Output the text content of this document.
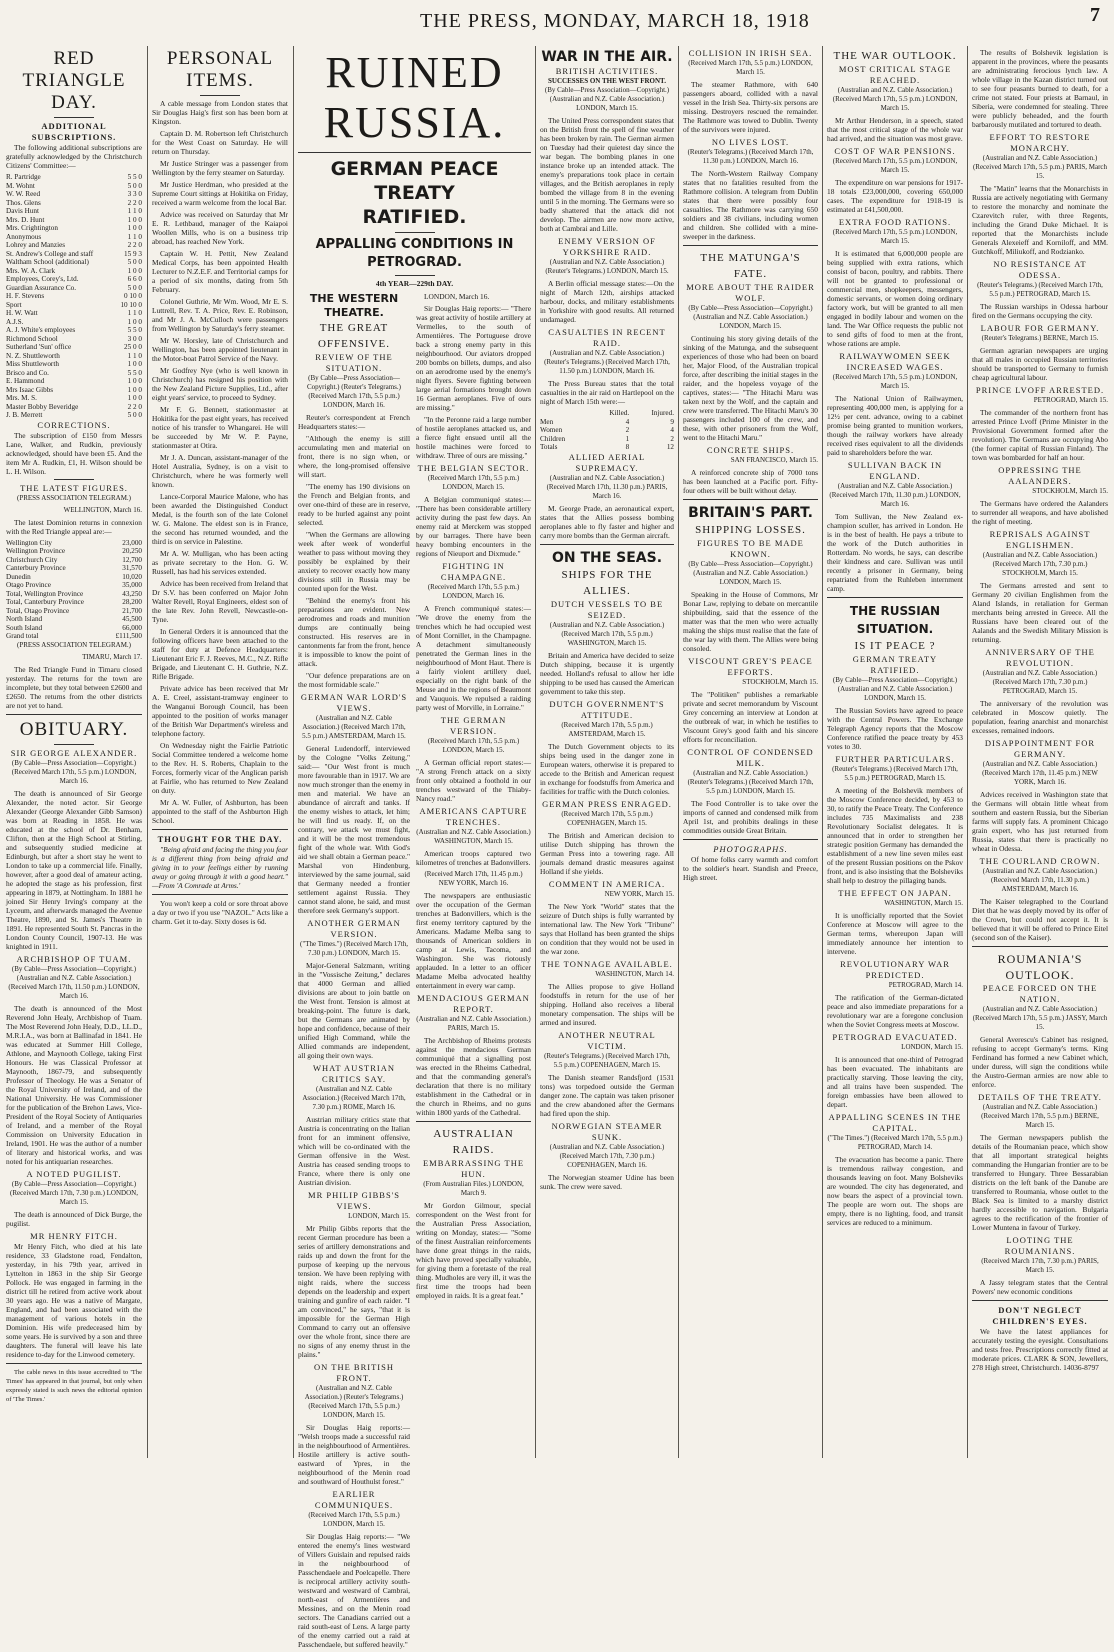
THE PRESS, MONDAY, MARCH 18, 1918	7
RED TRIANGLE DAY.
ADDITIONAL SUBSCRIPTIONS.

The following additional subscriptions are gratefully acknowledged by the Christchurch Citizens' Committee:—

R. Partridge	5 5 0
M. Wohnt	5 0 0
W. W. Reed	3 3 0
Thos. Glens	2 2 0
Davis Hunt	1 1 0
Mrs. D. Hunt	1 0 0
Mrs. Crightington	1 0 0
Anonymous	1 1 0
Lohrey and Manzies	2 2 0
St. Andrew's College and staff	15 9 3
Waltham School (additional)	5 0 0
Mrs. W. A. Clark	1 0 0
Employees, Corey's, Ltd.	6 6 0
Guardian Assurance Co.	5 0 0
H. F. Stevens	0 10 0
Sport	10 10 0
H. W. Watt	1 1 0
A.J.S.	1 0 0
A. J. White's employees	5 5 0
Richmond School	3 0 0
Sutherland 'Sun' office	25 0 0
N. Z. Shuttleworth	1 1 0
Miss Shuttleworth	1 0 0
Brisco and Co.	5 5 0
E. Hammond	1 0 0
Mrs Isaac Gibbs	1 0 0
Mrs. M. S.	1 0 0
Master Bobby Beveridge	2 2 0
J. B. Merrett	5 0 0
CORRECTIONS.

The subscription of £150 from Messrs Lane, Walker, and Rudkin, previously acknowledged, should have been £5. And the item Mr A. Rudkin, £1, H. Wilson should be L. H. Wilson.

THE LATEST FIGURES.

(PRESS ASSOCIATION TELEGRAM.)

WELLINGTON, March 16.

The latest Dominion returns in connexion with the Red Triangle appeal are:—

Wellington City	23,000
Wellington Province	20,250
Christchurch City	12,700
Canterbury Province	31,570
Dunedin	10,020
Otago Province	35,000
Total, Wellington Province	43,250
Total, Canterbury Province	28,200
Total, Otago Province	21,700
North Island	45,500
South Island	66,000
Grand total	£111,500

(PRESS ASSOCIATION TELEGRAM.)

TIMARU, March 17.

The Red Triangle Fund in Timaru closed yesterday. The returns for the town are incomplete, but they total between £2600 and £2650. The returns from the other districts are not yet to hand.

OBITUARY.
SIR GEORGE ALEXANDER.

(By Cable—Press Association—Copyright.) (Received March 17th, 5.5 p.m.) LONDON, March 16.

The death is announced of Sir George Alexander, the noted actor. Sir George Alexander (George Alexander Gibb Samson) was born at Reading in 1858. He was educated at the school of Dr. Benham, Clifton, then at the High School at Stirling, and subsequently studied medicine at Edinburgh, but after a short stay he went to London to take up a commercial life. Finally, however, after a good deal of amateur acting, he adopted the stage as his profession, first appearing in 1879, at Nottingham. In 1881 he joined Sir Henry Irving's company at the Lyceum, and afterwards managed the Avenue Theatre, 1890, and St. James's Theatre in 1891. He represented South St. Pancras in the London County Council, 1907-13. He was knighted in 1911.

ARCHBISHOP OF TUAM.

(By Cable—Press Association—Copyright.) (Australian and N.Z. Cable Association.) (Received March 17th, 11.50 p.m.) LONDON, March 16.

The death is announced of the Most Reverend John Healy, Archbishop of Tuam. The Most Reverend John Healy, D.D., LL.D., M.R.I.A., was born at Ballinafad in 1841. He was educated at Summer Hill College, Athlone, and Maynooth College, taking First Honours. He was Classical Professor at Maynooth, 1867-79, and subsequently Professor of Theology. He was a Senator of the Royal University of Ireland, and of the National University. He was Commissioner for the publication of the Brehon Laws, Vice-President of the Royal Society of Antiquaries of Ireland, and a member of the Royal Commission on University Education in Ireland, 1901. He was the author of a number of literary and historical works, and was noted for his antiquarian researches.

A NOTED PUGILIST.

(By Cable—Press Association—Copyright.) (Received March 17th, 7.30 p.m.) LONDON, March 15.

The death is announced of Dick Burge, the pugilist.

MR HENRY FITCH.

Mr Henry Fitch, who died at his late residence, 33 Gladstone road, Fendalton, yesterday, in his 79th year, arrived in Lyttelton in 1863 in the ship Sir George Pollock. He was engaged in farming in the district till he retired from active work about 30 years ago. He was a native of Margate, England, and had been associated with the management of various hotels in the Dominion. His wife predeceased him by some years. He is survived by a son and three daughters. The funeral will leave his late residence to-day for the Linwood cemetery.

The cable news in this issue accredited to 'The Times' has appeared in that journal, but only when expressly stated is such news the editorial opinion of 'The Times.'

PERSONAL ITEMS.

A cable message from London states that Sir Douglas Haig's first son has been born at Kingston.

Captain D. M. Robertson left Christchurch for the West Coast on Saturday. He will return on Thursday.

Mr Justice Stringer was a passenger from Wellington by the ferry steamer on Saturday.

Mr Justice Herdman, who presided at the Supreme Court sittings at Hokitika on Friday, received a warm welcome from the local Bar.

Advice was received on Saturday that Mr E. R. Lethbaud, manager of the Kaiapoi Woollen Mills, who is on a business trip abroad, has reached New York.

Captain W. H. Pettit, New Zealand Medical Corps, has been appointed Health Lecturer to N.Z.E.F. and Territorial camps for a period of six months, dating from 5th February.

Colonel Guthrie, Mr Wm. Wood, Mr E. S. Luttrell, Rev. T. A. Price, Rev. E. Robinson, and Mr J. A. McCulloch were passengers from Wellington by Saturday's ferry steamer.

Mr W. Horsley, late of Christchurch and Wellington, has been appointed lieutenant in the Motor-boat Patrol Service of the Navy.

Mr Godfrey Nye (who is well known in Christchurch) has resigned his position with the New Zealand Picture Supplies, Ltd., after eight years' service, to proceed to Sydney.

Mr F. G. Bennett, stationmaster at Hokitika for the past eight years, has received notice of his transfer to Whangarei. He will be succeeded by Mr W. P. Payne, stationmaster at Otira.

Mr J. A. Duncan, assistant-manager of the Hotel Australia, Sydney, is on a visit to Christchurch, where he was formerly well known.

Lance-Corporal Maurice Malone, who has been awarded the Distinguished Conduct Medal, is the fourth son of the late Colonel W. G. Malone. The eldest son is in France, the second has returned wounded, and the third is on service in Palestine.

Mr A. W. Mulligan, who has been acting as private secretary to the Hon. G. W. Russell, has had his services extended.

Advice has been received from Ireland that Dr S.V. has been conferred on Major John Walter Revell, Royal Engineers, eldest son of the late Rev. John Revell, Newcastle-on-Tyne.

In General Orders it is announced that the following officers have been attached to the staff for duty at Defence Headquarters: Lieutenant Eric F. J. Reeves, M.C., N.Z. Rifle Brigade, and Lieutenant C. H. Guthrie, N.Z. Rifle Brigade.

Private advice has been received that Mr A. E. Creel, assistant-tramway engineer to the Wanganui Borough Council, has been appointed to the position of works manager of the British War Department's wireless and telephone factory.

On Wednesday night the Fairlie Patriotic Social Committee tendered a welcome home to the Rev. H. S. Roberts, Chaplain to the Forces, formerly vicar of the Anglican parish at Fairlie, who has returned to New Zealand on duty.

Mr A. W. Fuller, of Ashburton, has been appointed to the staff of the Ashburton High School.

THOUGHT FOR THE DAY.

"Being afraid and facing the thing you fear is a different thing from being afraid and giving in to your feelings either by running away or going through it with a good heart." —From 'A Comrade at Arms.'

You won't keep a cold or sore throat above a day or two if you use "NAZOL." Acts like a charm. Get it to-day. Sixty doses is 6d.

RUINED RUSSIA.
GERMAN PEACE TREATY
RATIFIED.
APPALLING CONDITIONS IN PETROGRAD.
4th YEAR—229th DAY.
THE WESTERN THEATRE.
THE GREAT OFFENSIVE.
REVIEW OF THE SITUATION.

(By Cable—Press Association—Copyright.) (Reuter's Telegrams.) (Received March 17th, 5.5 p.m.) LONDON, March 16.

Reuter's correspondent at French Headquarters states:—

"Although the enemy is still accumulating men and material on front, there is no sign when, or where, the long-promised offensive will start.

"The enemy has 190 divisions on the French and Belgian fronts, and over one-third of these are in reserve, ready to be hurled against any point selected.

"When the Germans are allowing week after week of wonderful weather to pass without moving they possibly be explained by their anxiety to recover exactly how many divisions still in Russia may be counted upon for the West.

"Behind the enemy's front his preparations are evident. New aerodromes and roads and munition dumps are continually being constructed. His reserves are in cantonments far from the front, hence it is impossible to know the point of attack.

"Our defence preparations are on the most formidable scale."

GERMAN WAR LORD'S VIEWS.

(Australian and N.Z. Cable Association.) (Received March 17th, 5.5 p.m.) AMSTERDAM, March 15.

General Ludendorff, interviewed by the Cologne "Volks Zeitung," said:— "Our West front is much more favourable than in 1917. We are now much stronger than the enemy in men and material. We have an abundance of aircraft and tanks. If the enemy wishes to attack, let him; he will find us ready. If, on the contrary, we attack we must fight, and it will be the most tremendous fight of the whole war. With God's aid we shall obtain a German peace." Marshal von Hindenburg, interviewed by the same journal, said that Germany needed a frontier settlement against Russia. They cannot stand alone, he said, and must therefore seek Germany's support.

ANOTHER GERMAN VERSION.

("The Times.") (Received March 17th, 7.30 p.m.) LONDON, March 15.

Major-General Salzmann, writing in the "Vossische Zeitung," declares that 4000 German and allied divisions are about to join battle on the West front. Tension is almost at breaking-point. The future is dark, but the Germans are animated by hope and confidence, because of their unified High Command, while the Allied commands are independent, all going their own ways.

WHAT AUSTRIAN CRITICS SAY.

(Australian and N.Z. Cable Association.) (Received March 17th, 7.30 p.m.) ROME, March 16.

Austrian military critics state that Austria is concentrating on the Italian front for an imminent offensive, which will be co-ordinated with the German offensive in the West. Austria has ceased sending troops to France, where there is only one Austrian division.

MR PHILIP GIBBS'S VIEWS.

LONDON, March 15.

Mr Philip Gibbs reports that the recent German procedure has been a series of artillery demonstrations and raids up and down the front for the purpose of keeping up the nervous tension. We have been replying with night raids, where the success depends on the leadership and expert training and gunfire of each raider. "I am convinced," he says, "that it is impossible for the German High Command to carry out an offensive over the whole front, since there are no signs of any enemy thrust in the plains."

ON THE BRITISH FRONT.

(Australian and N.Z. Cable Association.) (Reuter's Telegrams.) (Received March 17th, 5.5 p.m.) LONDON, March 15.

Sir Douglas Haig reports:— "Welsh troops made a successful raid in the neighbourhood of Armentières. Hostile artillery is active south-eastward of Ypres, in the neighbourhood of the Menin road and southward of Houthulst forest."

EARLIER COMMUNIQUES.

(Received March 17th, 5.5 p.m.) LONDON, March 15.

Sir Douglas Haig reports:— "We entered the enemy's lines westward of Villers Guislain and repulsed raids in the neighbourhood of Passchendaele and Poelcapelle. There is reciprocal artillery activity south-westward and westward of Cambrai, north-east of Armentières and Messines, and on the Menin road sectors. The Canadians carried out a raid south-east of Lens. A large party of the enemy carried out a raid at Passchendaele, but suffered heavily."

LONDON, March 16.

Sir Douglas Haig reports:— "There was great activity of hostile artillery at Vermelles, to the south of Armentières. The Portuguese drove back a strong enemy party in this neighbourhood. Our aviators dropped 200 bombs on billets, dumps, and also on an aerodrome used by the enemy's night flyers. Severe fighting between large aerial formations brought down 16 German aeroplanes. Five of ours are missing."

"In the Peronne raid a large number of hostile aeroplanes attacked us, and a fierce fight ensued until all the hostile machines were forced to withdraw. Three of ours are missing."

THE BELGIAN SECTOR.

(Received March 17th, 5.5 p.m.) LONDON, March 15.

A Belgian communiqué states:— "There has been considerable artillery activity during the past few days. An enemy raid at Merckem was stopped by our barrages. There have been heavy bombing encounters in the regions of Nieuport and Dixmude."

FIGHTING IN CHAMPAGNE.

(Received March 17th, 5.5 p.m.) LONDON, March 16.

A French communiqué states:— "We drove the enemy from the trenches which he had occupied west of Mont Cornillet, in the Champagne. A detachment simultaneously penetrated the German lines in the neighbourhood of Mont Haut. There is a fairly violent artillery duel, especially on the right bank of the Meuse and in the regions of Beaumont and Vauquois. We repulsed a raiding party west of Morville, in Lorraine."

THE GERMAN VERSION.

(Received March 17th, 5.5 p.m.) LONDON, March 15.

A German official report states:— "A strong French attack on a sixty front only obtained a foothold in our trenches westward of the Thiaby-Nancy road."

AMERICANS CAPTURE TRENCHES.

(Australian and N.Z. Cable Association.) WASHINGTON, March 15.

American troops captured two kilometres of trenches at Badonvillers.

(Received March 17th, 11.45 p.m.) NEW YORK, March 16.

The newspapers are enthusiastic over the occupation of the German trenches at Badonvillers, which is the first enemy territory captured by the Americans. Madame Melba sang to thousands of American soldiers in camp at Lewis, Tacoma, and Washington. She was riotously applauded. In a letter to an officer Madame Melba advocated healthy entertainment in every war camp.

MENDACIOUS GERMAN REPORT.

(Australian and N.Z. Cable Association.) PARIS, March 15.

The Archbishop of Rheims protests against the mendacious German communiqué that a signalling post was erected in the Rheims Cathedral, and that the commanding general's declaration that there is no military establishment in the Cathedral or in the church in Rheims, and no guns within 1800 yards of the Cathedral.

AUSTRALIAN RAIDS.
EMBARRASSING THE HUN.

(From Australian Files.) LONDON, March 9.

Mr Gordon Gilmour, special correspondent on the West front for the Australian Press Association, writing on Monday, states:— "Some of the finest Australian reinforcements have done great things in the raids, which have proved specially valuable, for giving them a foretaste of the real thing. Mudholes are very ill, it was the first time the troops had been employed in raids. It is a great feat."

WAR IN THE AIR.
BRITISH ACTIVITIES.
SUCCESSES ON THE WEST FRONT.

(By Cable—Press Association—Copyright.) (Australian and N.Z. Cable Association.) LONDON, March 15.

The United Press correspondent states that on the British front the spell of fine weather has been broken by rain. The German airmen on Tuesday had their quietest day since the war began. The bombing planes in one instance broke up an intended attack. The enemy's preparations took place in certain villages, and the British aeroplanes in reply bombed the village from 8 in the evening until 5 in the morning. The Germans were so badly shattered that the attack did not develop. The airmen are now more active, both at Cambrai and Lille.

ENEMY VERSION OF YORKSHIRE RAID.

(Australian and N.Z. Cable Association.) (Reuter's Telegrams.) LONDON, March 15.

A Berlin official message states:—On the night of March 12th, airships attacked harbour, docks, and military establishments in Yorkshire with good results. All returned undamaged.

CASUALTIES IN RECENT RAID.

(Australian and N.Z. Cable Association.) (Reuter's Telegrams.) (Received March 17th, 11.50 p.m.) LONDON, March 16.

The Press Bureau states that the total casualties in the air raid on Hartlepool on the night of March 15th were:—

	Killed.	Injured.
Men	4	9
Women	2	4
Children	1	2
Totals	8	12
ALLIED AERIAL SUPREMACY.

(Australian and N.Z. Cable Association.) (Received March 17th, 11.30 p.m.) PARIS, March 16.

M. George Prade, an aeronautical expert, states that the Allies possess bombing aeroplanes able to fly faster and higher and carry more bombs than the German aircraft.

ON THE SEAS.
SHIPS FOR THE ALLIES.
DUTCH VESSELS TO BE SEIZED.

(Australian and N.Z. Cable Association.) (Received March 17th, 5.5 p.m.) WASHINGTON, March 15.

Britain and America have decided to seize Dutch shipping, because it is urgently needed. Holland's refusal to allow her idle shipping to be used has caused the American government to take this step.

DUTCH GOVERNMENT'S ATTITUDE.

(Received March 17th, 5.5 p.m.) AMSTERDAM, March 15.

The Dutch Government objects to its ships being used in the danger zone in European waters, otherwise it is prepared to accede to the British and American request in exchange for foodstuffs from America and facilities for traffic with the Dutch colonies.

GERMAN PRESS ENRAGED.

(Received March 17th, 5.5 p.m.) COPENHAGEN, March 15.

The British and American decision to utilise Dutch shipping has thrown the German Press into a towering rage. All journals demand drastic measures against Holland if she yields.

COMMENT IN AMERICA.

NEW YORK, March 15.

The New York "World" states that the seizure of Dutch ships is fully warranted by international law. The New York "Tribune" says that Holland has been granted the ships on condition that they would not be used in the war zone.

THE TONNAGE AVAILABLE.

WASHINGTON, March 14.

The Allies propose to give Holland foodstuffs in return for the use of her shipping. Holland also receives a liberal monetary compensation. The ships will be armed and insured.

ANOTHER NEUTRAL VICTIM.

(Reuter's Telegrams.) (Received March 17th, 5.5 p.m.) COPENHAGEN, March 15.

The Danish steamer Randsfjord (1531 tons) was torpedoed outside the German danger zone. The captain was taken prisoner and the crew abandoned after the Germans had fired upon the ship.

NORWEGIAN STEAMER SUNK.

(Australian and N.Z. Cable Association.) (Received March 17th, 7.30 p.m.) COPENHAGEN, March 16.

The Norwegian steamer Udine has been sunk. The crew were saved.

COLLISION IN IRISH SEA.

(Received March 17th, 5.5 p.m.) LONDON, March 15.

The steamer Rathmore, with 640 passengers aboard, collided with a naval vessel in the Irish Sea. Thirty-six persons are missing. Destroyers rescued the remainder. The Rathmore was towed to Dublin. Twenty of the survivors were injured.

NO LIVES LOST.

(Reuter's Telegrams.) (Received March 17th, 11.30 p.m.) LONDON, March 16.

The North-Western Railway Company states that no fatalities resulted from the Rathmore collision. A telegram from Dublin states that there were possibly four casualties. The Rathmore was carrying 650 soldiers and 38 civilians, including women and children. She collided with a mine-sweeper in the darkness.

THE MATUNGA'S FATE.
MORE ABOUT THE RAIDER WOLF.

(By Cable—Press Association—Copyright.) (Australian and N.Z. Cable Association.) LONDON, March 15.

Continuing his story giving details of the sinking of the Matunga, and the subsequent experiences of those who had been on board her, Major Flood, of the Australian tropical force, after describing the initial stages in the raider, and the hopeless voyage of the captives, states:— "The Hitachi Maru was taken next by the Wolf, and the captain and crew were transferred. The Hitachi Maru's 30 passengers included 100 of the crew, and these, with other prisoners from the Wolf, went to the Hitachi Maru."

CONCRETE SHIPS.

SAN FRANCISCO, March 15.

A reinforced concrete ship of 7000 tons has been launched at a Pacific port. Fifty-four others will be built without delay.

BRITAIN'S PART.
SHIPPING LOSSES.
FIGURES TO BE MADE KNOWN.

(By Cable—Press Association—Copyright.) (Australian and N.Z. Cable Association.) LONDON, March 15.

Speaking in the House of Commons, Mr Bonar Law, replying to debate on mercantile shipbuilding, said that the essence of the matter was that the men who were actually making the ships must realise that the fate of the war lay with them. The Allies were being consoled.

VISCOUNT GREY'S PEACE EFFORTS.

STOCKHOLM, March 15.

The "Politiken" publishes a remarkable private and secret memorandum by Viscount Grey concerning an interview at London at the outbreak of war, in which he testifies to Viscount Grey's good faith and his sincere efforts for reconciliation.

CONTROL OF CONDENSED MILK.

(Australian and N.Z. Cable Association.) (Reuter's Telegrams.) (Received March 17th, 5.5 p.m.) LONDON, March 15.

The Food Controller is to take over the imports of canned and condensed milk from April 1st, and prohibits dealings in these commodities outside Great Britain.

PHOTOGRAPHS.

Of home folks carry warmth and comfort to the soldier's heart. Standish and Preece, High street.

THE WAR OUTLOOK.
MOST CRITICAL STAGE REACHED.

(Australian and N.Z. Cable Association.) (Received March 17th, 5.5 p.m.) LONDON, March 15.

Mr Arthur Henderson, in a speech, stated that the most critical stage of the whole war had arrived, and the situation was most grave.

COST OF WAR PENSIONS.

(Received March 17th, 5.5 p.m.) LONDON, March 15.

The expenditure on war pensions for 1917-18 totals £23,000,000, covering 650,000 cases. The expenditure for 1918-19 is estimated at £41,500,000.

EXTRA FOOD RATIONS.

(Received March 17th, 5.5 p.m.) LONDON, March 15.

It is estimated that 6,000,000 people are being supplied with extra rations, which consist of bacon, poultry, and rabbits. There will not be granted to professional or commercial men, shopkeepers, messengers, domestic servants, or women doing ordinary factory work, but will be granted to all men engaged in bodily labour and women on the land. The War Office requests the public not to send gifts of food to men at the front, whose rations are ample.

RAILWAYWOMEN SEEK INCREASED WAGES.

(Received March 17th, 5.5 p.m.) LONDON, March 15.

The National Union of Railwaymen, representing 400,000 men, is applying for a 12½ per cent. advance, owing to a cabinet promise being granted to munition workers, though the railway workers have already received rises equivalent to all the dividends paid to shareholders before the war.

SULLIVAN BACK IN ENGLAND.

(Australian and N.Z. Cable Association.) (Received March 17th, 11.30 p.m.) LONDON, March 16.

Tom Sullivan, the New Zealand ex-champion sculler, has arrived in London. He is in the best of health. He pays a tribute to the work of the Dutch authorities in Rotterdam. No words, he says, can describe their kindness and care. Sullivan was until recently a prisoner in Germany, being repatriated from the Ruhleben internment camp.

THE RUSSIAN SITUATION.
IS IT PEACE ?
GERMAN TREATY RATIFIED.

(By Cable—Press Association—Copyright.) (Australian and N.Z. Cable Association.) LONDON, March 15.

The Russian Soviets have agreed to peace with the Central Powers. The Exchange Telegraph Agency reports that the Moscow Conference ratified the peace treaty by 453 votes to 30.

FURTHER PARTICULARS.

(Reuter's Telegrams.) (Received March 17th, 5.5 p.m.) PETROGRAD, March 15.

A meeting of the Bolshevik members of the Moscow Conference decided, by 453 to 30, to ratify the Peace Treaty. The Conference includes 735 Maximalists and 238 Revolutionary Socialist delegates. It is announced that in order to strengthen her strategic position Germany has demanded the establishment of a new line seven miles east of the present Russian positions on the Pskov front, and is also insisting that the Bolsheviks shall help to destroy the pillaging bands.

THE EFFECT ON JAPAN.

WASHINGTON, March 15.

It is unofficially reported that the Soviet Conference at Moscow will agree to the German terms, whereupon Japan will immediately announce her intention to intervene.

REVOLUTIONARY WAR PREDICTED.

PETROGRAD, March 14.

The ratification of the German-dictated peace and also immediate preparations for a revolutionary war are a foregone conclusion when the Soviet Congress meets at Moscow.

PETROGRAD EVACUATED.

LONDON, March 15.

It is announced that one-third of Petrograd has been evacuated. The inhabitants are practically starving. Those leaving the city, and all trains have been suspended. The foreign embassies have been allowed to depart.

APPALLING SCENES IN THE CAPITAL.

("The Times.") (Received March 17th, 5.5 p.m.) PETROGRAD, March 14.

The evacuation has become a panic. There is tremendous railway congestion, and thousands leaving on foot. Many Bolsheviks are wounded. The city has degenerated, and now bears the aspect of a provincial town. The people are worn out. The shops are empty, there is no lighting, food, and transit services are reduced to a minimum.

The results of Bolshevik legislation is apparent in the provinces, where the peasants are administrating ferocious lynch law. A whole village in the Kazan district turned out to see four peasants burned to death, for a crime not stated. Four priests at Barnaul, in Siberia, were condemned for stealing. Three were publicly beheaded, and the fourth barbarously mutilated and tortured to death.

EFFORT TO RESTORE MONARCHY.

(Australian and N.Z. Cable Association.) (Received March 17th, 5.5 p.m.) PARIS, March 15.

The "Matin" learns that the Monarchists in Russia are actively negotiating with Germany to restore the monarchy and nominate the Czarevitch ruler, with three Regents, including the Grand Duke Michael. It is reported that the Monarchists include Generals Alexeieff and Korniloff, and MM. Gutchkoff, Miliukoff, and Rodzianko.

NO RESISTANCE AT ODESSA.

(Reuter's Telegrams.) (Received March 17th, 5.5 p.m.) PETROGRAD, March 15.

The Russian warships in Odessa harbour fired on the Germans occupying the city.

LABOUR FOR GERMANY.

(Reuter's Telegrams.) BERNE, March 15.

German agrarian newspapers are urging that all males in occupied Russian territories should be transported to Germany to furnish cheap agricultural labour.

PRINCE LVOFF ARRESTED.

PETROGRAD, March 15.

The commander of the northern front has arrested Prince Lvoff (Prime Minister in the Provisional Government formed after the revolution). The Germans are occupying Abo (the former capital of Russian Finland). The town was bombarded for half an hour.

OPPRESSING THE AALANDERS.

STOCKHOLM, March 15.

The Germans have ordered the Aalanders to surrender all weapons, and have abolished the right of meeting.

REPRISALS AGAINST ENGLISHMEN.

(Australian and N.Z. Cable Association.) (Received March 17th, 7.30 p.m.) STOCKHOLM, March 15.

The Germans arrested and sent to Germany 20 civilian Englishmen from the Aland Islands, in retaliation for German merchants being arrested in Greece. All the Russians have been cleared out of the Aalands and the Swedish Military Mission is returning.

ANNIVERSARY OF THE REVOLUTION.

(Australian and N.Z. Cable Association.) (Received March 17th, 7.30 p.m.) PETROGRAD, March 15.

The anniversary of the revolution was celebrated in Moscow quietly. The population, fearing anarchist and monarchist excesses, remained indoors.

DISAPPOINTMENT FOR GERMANY.

(Australian and N.Z. Cable Association.) (Received March 17th, 11.45 p.m.) NEW YORK, March 16.

Advices received in Washington state that the Germans will obtain little wheat from southern and eastern Russia, but the Siberian farms will supply fats. A prominent Chicago grain expert, who has just returned from Russia, states that there is practically no wheat in Odessa.

THE COURLAND CROWN.

(Australian and N.Z. Cable Association.) (Received March 17th, 11.30 p.m.) AMSTERDAM, March 16.

The Kaiser telegraphed to the Courland Diet that he was deeply moved by its offer of the Crown, but could not accept it. It is believed that it will be offered to Prince Eitel (second son of the Kaiser).

ROUMANIA'S OUTLOOK.
PEACE FORCED ON THE NATION.

(Australian and N.Z. Cable Association.) (Received March 17th, 5.5 p.m.) JASSY, March 15.

General Averescu's Cabinet has resigned, refusing to accept Germany's terms. King Ferdinand has formed a new Cabinet which, under duress, will sign the conditions while the Austro-German armies are now able to enforce.

DETAILS OF THE TREATY.

(Australian and N.Z. Cable Association.) (Received March 17th, 5.5 p.m.) BERNE, March 15.

The German newspapers publish the details of the Roumanian peace, which show that all important strategical heights commanding the Hungarian frontier are to be transferred to Hungary. Three Bessarabian districts on the left bank of the Danube are transferred to Roumania, whose outlet to the Black Sea is limited to a marshy district hardly accessible to navigation. Bulgaria agrees to the rectification of the frontier of Lower Muntena in favour of Turkey.

LOOTING THE ROUMANIANS.

(Received March 17th, 7.30 p.m.) PARIS, March 15.

A Jassy telegram states that the Central Powers' new economic conditions

DON'T NEGLECT CHILDREN'S EYES.

We have the latest appliances for accurately testing the eyesight. Consultations and tests free. Prescriptions correctly fitted at moderate prices. CLARK & SON, Jewellers, 278 High street, Christchurch. 14036-8797
